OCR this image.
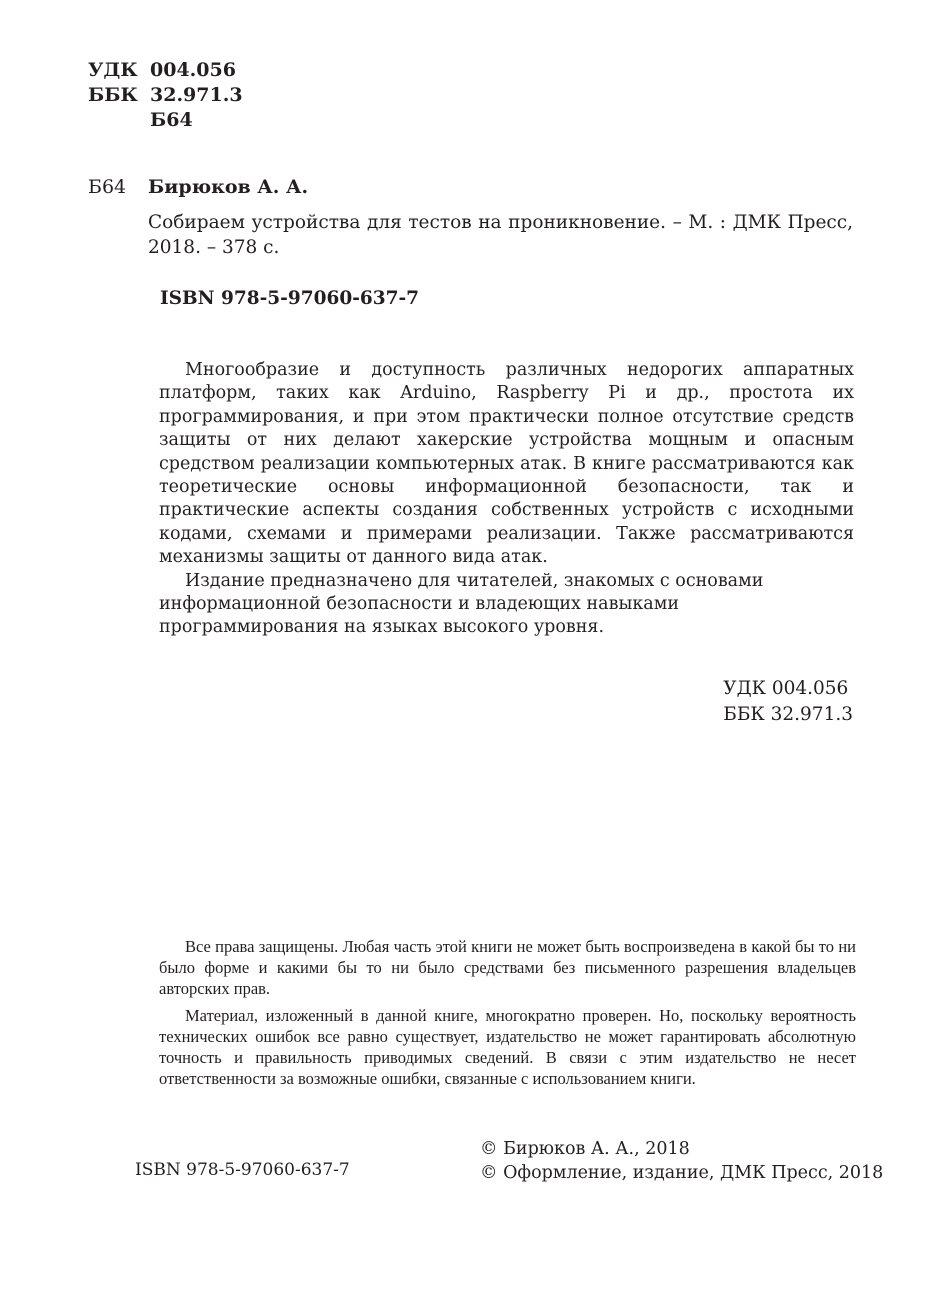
УДК 004.056
ББК 32.971.3
Б64
Б64 Бирюков А. А.
Собираем устройства для тестов на проникновение. – М. : ДМК Пресс, 2018. – 378 с.
ISBN 978-5-97060-637-7

Многообразие и доступность различных недорогих аппаратных платформ, таких как Arduino, Raspberry Pi и др., простота их программирования, и при этом практически полное отсутствие средств защиты от них делают хакерские устройства мощным и опасным средством реализации компьютерных атак. В книге рассматриваются как теоретические основы информационной безопасности, так и практические аспекты создания собственных устройств с исходными кодами, схемами и примерами реализации. Также рассматриваются механизмы защиты от данного вида атак.

Издание предназначено для читателей, знакомых с основами информационной безопасности и владеющих навыками программирования на языках высокого уровня.

УДК 004.056
ББК 32.971.3

Все права защищены. Любая часть этой книги не может быть воспроизведена в какой бы то ни было форме и какими бы то ни было средствами без письменного разрешения владельцев авторских прав.

Материал, изложенный в данной книге, многократно проверен. Но, поскольку вероятность технических ошибок все равно существует, издательство не может гарантировать абсолютную точность и правильность приводимых сведений. В связи с этим издательство не несет ответственности за возможные ошибки, связанные с использованием книги.

ISBN 978-5-97060-637-7
© Бирюков А. А., 2018
© Оформление, издание, ДМК Пресс, 2018
